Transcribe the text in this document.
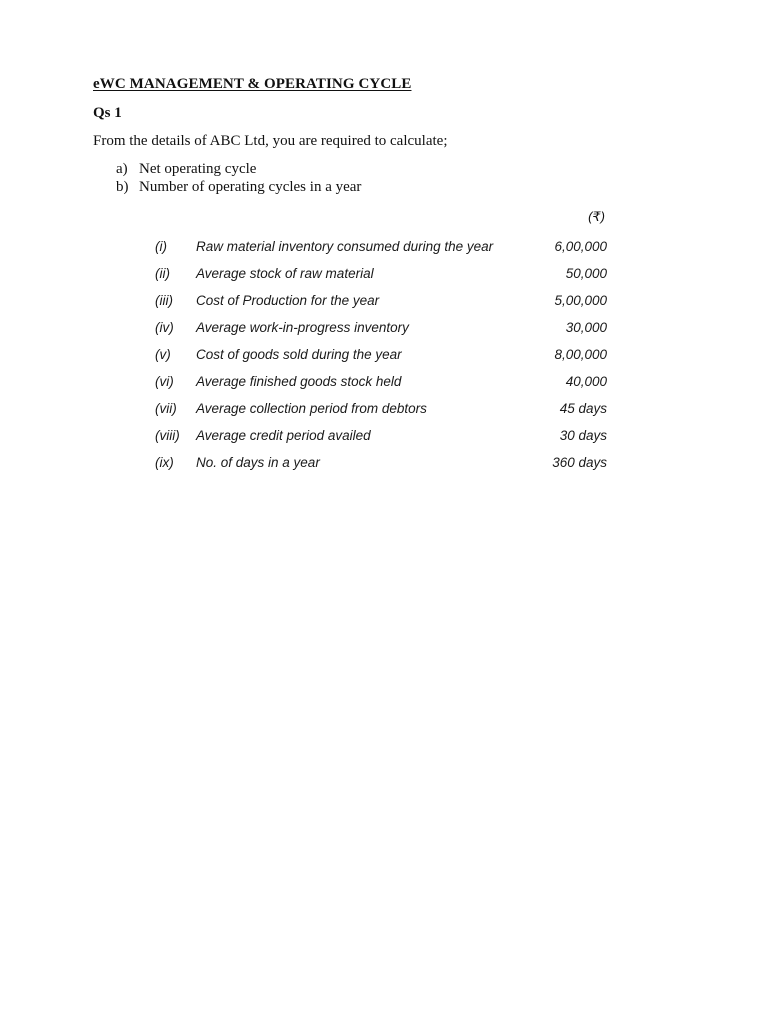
eWC MANAGEMENT & OPERATING CYCLE
Qs 1
From the details of ABC Ltd, you are required to calculate;
a) Net operating cycle
b) Number of operating cycles in a year
(₹)
(i)	Raw material inventory consumed during the year	6,00,000
(ii)	Average stock of raw material	50,000
(iii)	Cost of Production for the year	5,00,000
(iv)	Average work-in-progress inventory	30,000
(v)	Cost of goods sold during the year	8,00,000
(vi)	Average finished goods stock held	40,000
(vii)	Average collection period from debtors	45 days
(viii)	Average credit period availed	30 days
(ix)	No. of days in a year	360 days
